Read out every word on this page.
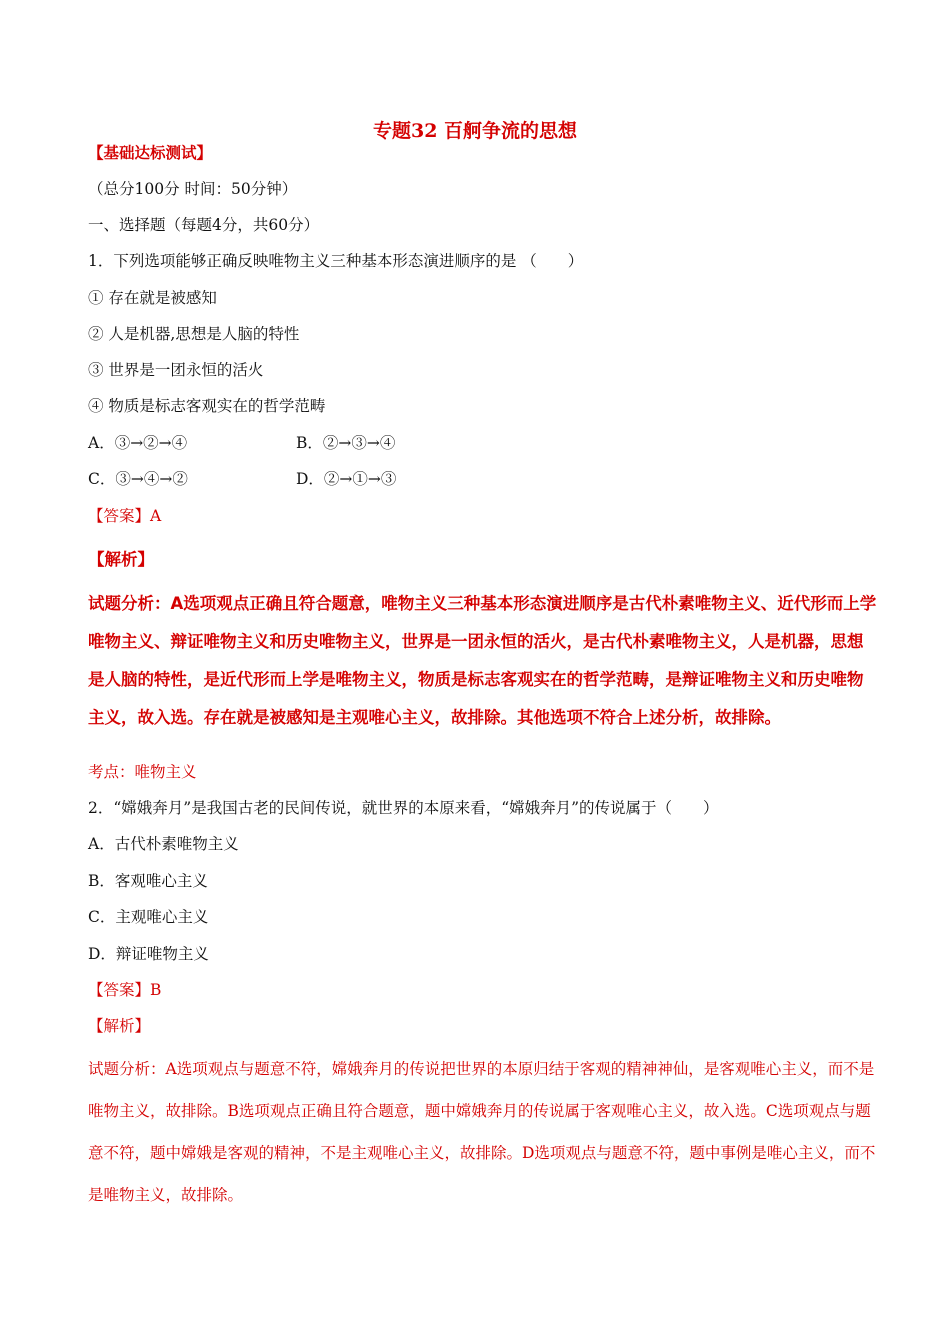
专题32 百舸争流的思想
【基础达标测试】
（总分100分 时间：50分钟）
一、选择题（每题4分，共60分）
1．下列选项能够正确反映唯物主义三种基本形态演进顺序的是 （　　）
① 存在就是被感知
② 人是机器,思想是人脑的特性
③ 世界是一团永恒的活火
④ 物质是标志客观实在的哲学范畴
A．③→②→④	B．②→③→④
C．③→④→②	D．②→①→③
【答案】A
【解析】
试题分析：A选项观点正确且符合题意，唯物主义三种基本形态演进顺序是古代朴素唯物主义、近代形而上学唯物主义、辩证唯物主义和历史唯物主义，世界是一团永恒的活火，是古代朴素唯物主义，人是机器，思想是人脑的特性，是近代形而上学是唯物主义，物质是标志客观实在的哲学范畴，是辩证唯物主义和历史唯物主义，故入选。存在就是被感知是主观唯心主义，故排除。其他选项不符合上述分析，故排除。
考点：唯物主义
2．“嫦娥奔月”是我国古老的民间传说，就世界的本原来看，“嫦娥奔月”的传说属于（　　）
A．古代朴素唯物主义
B．客观唯心主义
C．主观唯心主义
D．辩证唯物主义
【答案】B
【解析】
试题分析：A选项观点与题意不符，嫦娥奔月的传说把世界的本原归结于客观的精神神仙，是客观唯心主义，而不是唯物主义，故排除。B选项观点正确且符合题意，题中嫦娥奔月的传说属于客观唯心主义，故入选。C选项观点与题意不符，题中嫦娥是客观的精神，不是主观唯心主义，故排除。D选项观点与题意不符，题中事例是唯心主义，而不是唯物主义，故排除。
